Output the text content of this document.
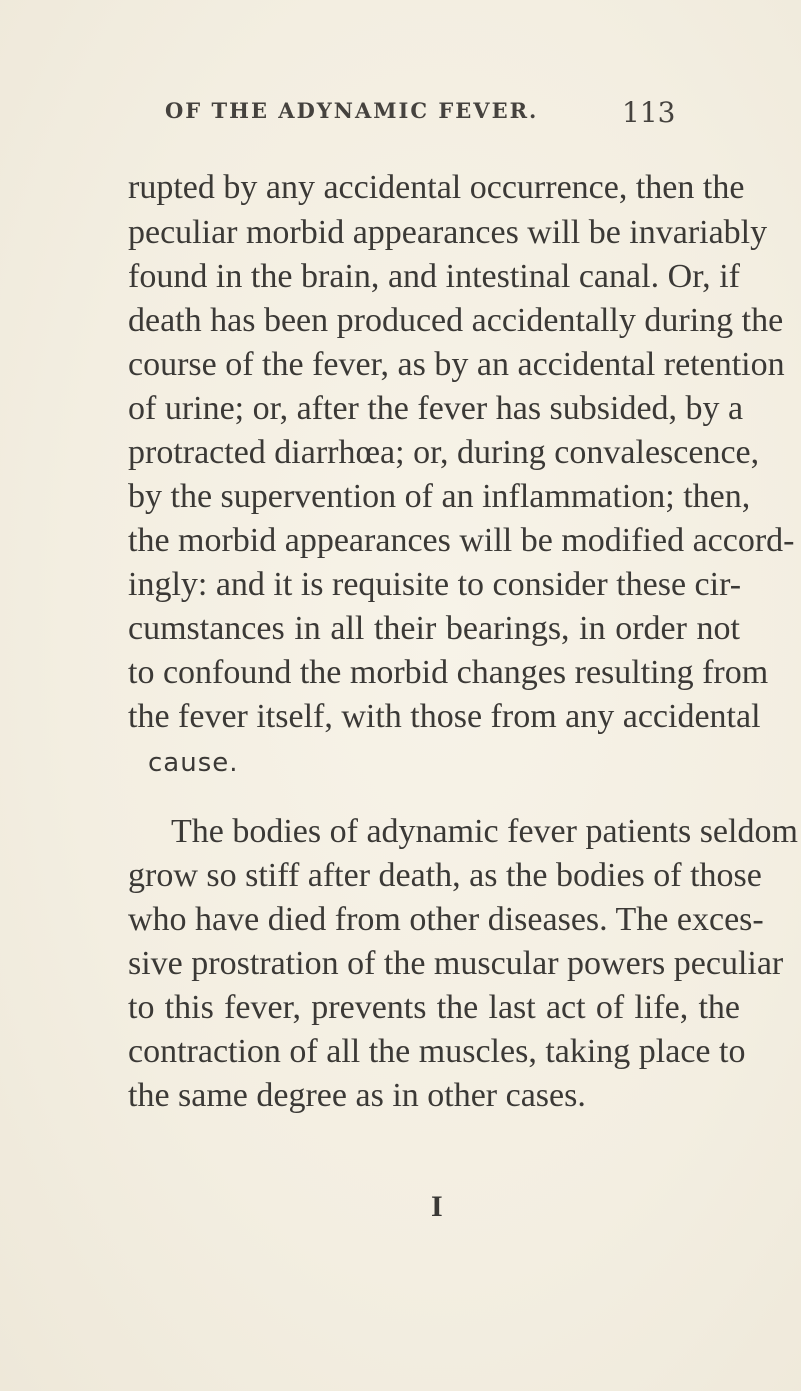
OF THE ADYNAMIC FEVER.	113
rupted by any accidental occurrence, then the
peculiar morbid appearances will be invariably
found in the brain, and intestinal canal. Or, if
death has been produced accidentally during the
course of the fever, as by an accidental retention
of urine; or, after the fever has subsided, by a
protracted diarrhœa; or, during convalescence,
by the supervention of an inflammation; then,
the morbid appearances will be modified accord-
ingly: and it is requisite to consider these cir-
cumstances in all their bearings, in order not
to confound the morbid changes resulting from
the fever itself, with those from any accidental
cause.
The bodies of adynamic fever patients seldom
grow so stiff after death, as the bodies of those
who have died from other diseases. The exces-
sive prostration of the muscular powers peculiar
to this fever, prevents the last act of life, the
contraction of all the muscles, taking place to
the same degree as in other cases.
I
